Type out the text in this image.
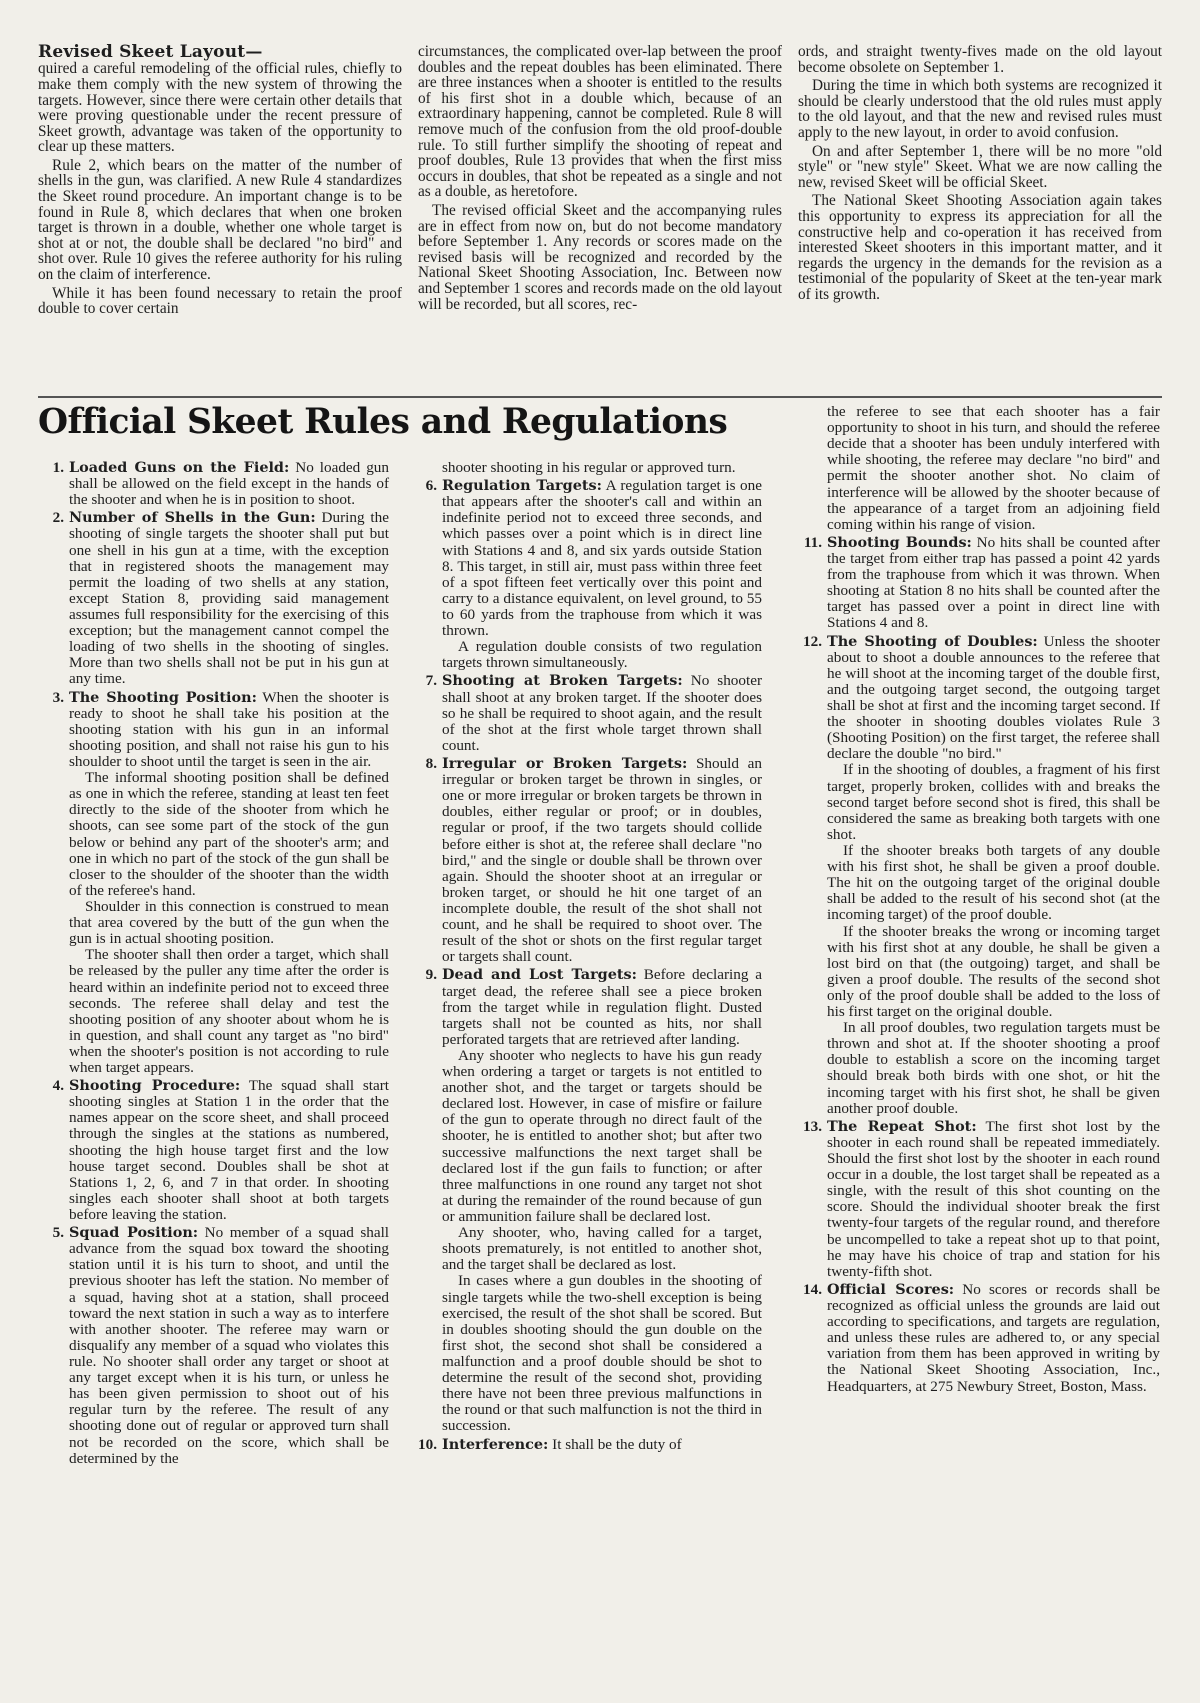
Revised Skeet Layout—
quired a careful remodeling of the official rules, chiefly to make them comply with the new system of throwing the targets. However, since there were certain other details that were proving questionable under the recent pressure of Skeet growth, advantage was taken of the opportunity to clear up these matters.

Rule 2, which bears on the matter of the number of shells in the gun, was clarified. A new Rule 4 standardizes the Skeet round procedure. An important change is to be found in Rule 8, which declares that when one broken target is thrown in a double, whether one whole target is shot at or not, the double shall be declared "no bird" and shot over. Rule 10 gives the referee authority for his ruling on the claim of interference.

While it has been found necessary to retain the proof double to cover certain

circumstances, the complicated over-lap between the proof doubles and the repeat doubles has been eliminated. There are three instances when a shooter is entitled to the results of his first shot in a double which, because of an extraordinary happening, cannot be completed. Rule 8 will remove much of the confusion from the old proof-double rule. To still further simplify the shooting of repeat and proof doubles, Rule 13 provides that when the first miss occurs in doubles, that shot be repeated as a single and not as a double, as heretofore.

The revised official Skeet and the accompanying rules are in effect from now on, but do not become mandatory before September 1. Any records or scores made on the revised basis will be recognized and recorded by the National Skeet Shooting Association, Inc. Between now and September 1 scores and records made on the old layout will be recorded, but all scores, rec-

ords, and straight twenty-fives made on the old layout become obsolete on September 1.

During the time in which both systems are recognized it should be clearly understood that the old rules must apply to the old layout, and that the new and revised rules must apply to the new layout, in order to avoid confusion.

On and after September 1, there will be no more "old style" or "new style" Skeet. What we are now calling the new, revised Skeet will be official Skeet.

The National Skeet Shooting Association again takes this opportunity to express its appreciation for all the constructive help and co-operation it has received from interested Skeet shooters in this important matter, and it regards the urgency in the demands for the revision as a testimonial of the popularity of Skeet at the ten-year mark of its growth.

Official Skeet Rules and Regulations
1. Loaded Guns on the Field: No loaded gun shall be allowed on the field except in the hands of the shooter and when he is in position to shoot.

2. Number of Shells in the Gun: During the shooting of single targets the shooter shall put but one shell in his gun at a time, with the exception that in registered shoots the management may permit the loading of two shells at any station, except Station 8, providing said management assumes full responsibility for the exercising of this exception; but the management cannot compel the loading of two shells in the shooting of singles. More than two shells shall not be put in his gun at any time.

3. The Shooting Position: When the shooter is ready to shoot he shall take his position at the shooting station with his gun in an informal shooting position, and shall not raise his gun to his shoulder to shoot until the target is seen in the air.

The informal shooting position shall be defined as one in which the referee, standing at least ten feet directly to the side of the shooter from which he shoots, can see some part of the stock of the gun below or behind any part of the shooter's arm; and one in which no part of the stock of the gun shall be closer to the shoulder of the shooter than the width of the referee's hand.

Shoulder in this connection is construed to mean that area covered by the butt of the gun when the gun is in actual shooting position.

The shooter shall then order a target, which shall be released by the puller any time after the order is heard within an indefinite period not to exceed three seconds. The referee shall delay and test the shooting position of any shooter about whom he is in question, and shall count any target as "no bird" when the shooter's position is not according to rule when target appears.

4. Shooting Procedure: The squad shall start shooting singles at Station 1 in the order that the names appear on the score sheet, and shall proceed through the singles at the stations as numbered, shooting the high house target first and the low house target second. Doubles shall be shot at Stations 1, 2, 6, and 7 in that order. In shooting singles each shooter shall shoot at both targets before leaving the station.

5. Squad Position: No member of a squad shall advance from the squad box toward the shooting station until it is his turn to shoot, and until the previous shooter has left the station. No member of a squad, having shot at a station, shall proceed toward the next station in such a way as to interfere with another shooter. The referee may warn or disqualify any member of a squad who violates this rule. No shooter shall order any target or shoot at any target except when it is his turn, or unless he has been given permission to shoot out of his regular turn by the referee. The result of any shooting done out of regular or approved turn shall not be recorded on the score, which shall be determined by the

shooter shooting in his regular or approved turn.

6. Regulation Targets: A regulation target is one that appears after the shooter's call and within an indefinite period not to exceed three seconds, and which passes over a point which is in direct line with Stations 4 and 8, and six yards outside Station 8. This target, in still air, must pass within three feet of a spot fifteen feet vertically over this point and carry to a distance equivalent, on level ground, to 55 to 60 yards from the traphouse from which it was thrown.

A regulation double consists of two regulation targets thrown simultaneously.

7. Shooting at Broken Targets: No shooter shall shoot at any broken target. If the shooter does so he shall be required to shoot again, and the result of the shot at the first whole target thrown shall count.

8. Irregular or Broken Targets: Should an irregular or broken target be thrown in singles, or one or more irregular or broken targets be thrown in doubles, either regular or proof; or in doubles, regular or proof, if the two targets should collide before either is shot at, the referee shall declare "no bird," and the single or double shall be thrown over again. Should the shooter shoot at an irregular or broken target, or should he hit one target of an incomplete double, the result of the shot shall not count, and he shall be required to shoot over. The result of the shot or shots on the first regular target or targets shall count.

9. Dead and Lost Targets: Before declaring a target dead, the referee shall see a piece broken from the target while in regulation flight. Dusted targets shall not be counted as hits, nor shall perforated targets that are retrieved after landing.

Any shooter who neglects to have his gun ready when ordering a target or targets is not entitled to another shot, and the target or targets should be declared lost. However, in case of misfire or failure of the gun to operate through no direct fault of the shooter, he is entitled to another shot; but after two successive malfunctions the next target shall be declared lost if the gun fails to function; or after three malfunctions in one round any target not shot at during the remainder of the round because of gun or ammunition failure shall be declared lost.

Any shooter, who, having called for a target, shoots prematurely, is not entitled to another shot, and the target shall be declared as lost.

In cases where a gun doubles in the shooting of single targets while the two-shell exception is being exercised, the result of the shot shall be scored. But in doubles shooting should the gun double on the first shot, the second shot shall be considered a malfunction and a proof double should be shot to determine the result of the second shot, providing there have not been three previous malfunctions in the round or that such malfunction is not the third in succession.

10. Interference: It shall be the duty of

the referee to see that each shooter has a fair opportunity to shoot in his turn, and should the referee decide that a shooter has been unduly interfered with while shooting, the referee may declare "no bird" and permit the shooter another shot. No claim of interference will be allowed by the shooter because of the appearance of a target from an adjoining field coming within his range of vision.

11. Shooting Bounds: No hits shall be counted after the target from either trap has passed a point 42 yards from the traphouse from which it was thrown. When shooting at Station 8 no hits shall be counted after the target has passed over a point in direct line with Stations 4 and 8.

12. The Shooting of Doubles: Unless the shooter about to shoot a double announces to the referee that he will shoot at the incoming target of the double first, and the outgoing target second, the outgoing target shall be shot at first and the incoming target second. If the shooter in shooting doubles violates Rule 3 (Shooting Position) on the first target, the referee shall declare the double "no bird."

If in the shooting of doubles, a fragment of his first target, properly broken, collides with and breaks the second target before second shot is fired, this shall be considered the same as breaking both targets with one shot.

If the shooter breaks both targets of any double with his first shot, he shall be given a proof double. The hit on the outgoing target of the original double shall be added to the result of his second shot (at the incoming target) of the proof double.

If the shooter breaks the wrong or incoming target with his first shot at any double, he shall be given a lost bird on that (the outgoing) target, and shall be given a proof double. The results of the second shot only of the proof double shall be added to the loss of his first target on the original double.

In all proof doubles, two regulation targets must be thrown and shot at. If the shooter shooting a proof double to establish a score on the incoming target should break both birds with one shot, or hit the incoming target with his first shot, he shall be given another proof double.

13. The Repeat Shot: The first shot lost by the shooter in each round shall be repeated immediately. Should the first shot lost by the shooter in each round occur in a double, the lost target shall be repeated as a single, with the result of this shot counting on the score. Should the individual shooter break the first twenty-four targets of the regular round, and therefore be uncompelled to take a repeat shot up to that point, he may have his choice of trap and station for his twenty-fifth shot.

14. Official Scores: No scores or records shall be recognized as official unless the grounds are laid out according to specifications, and targets are regulation, and unless these rules are adhered to, or any special variation from them has been approved in writing by the National Skeet Shooting Association, Inc., Headquarters, at 275 Newbury Street, Boston, Mass.
